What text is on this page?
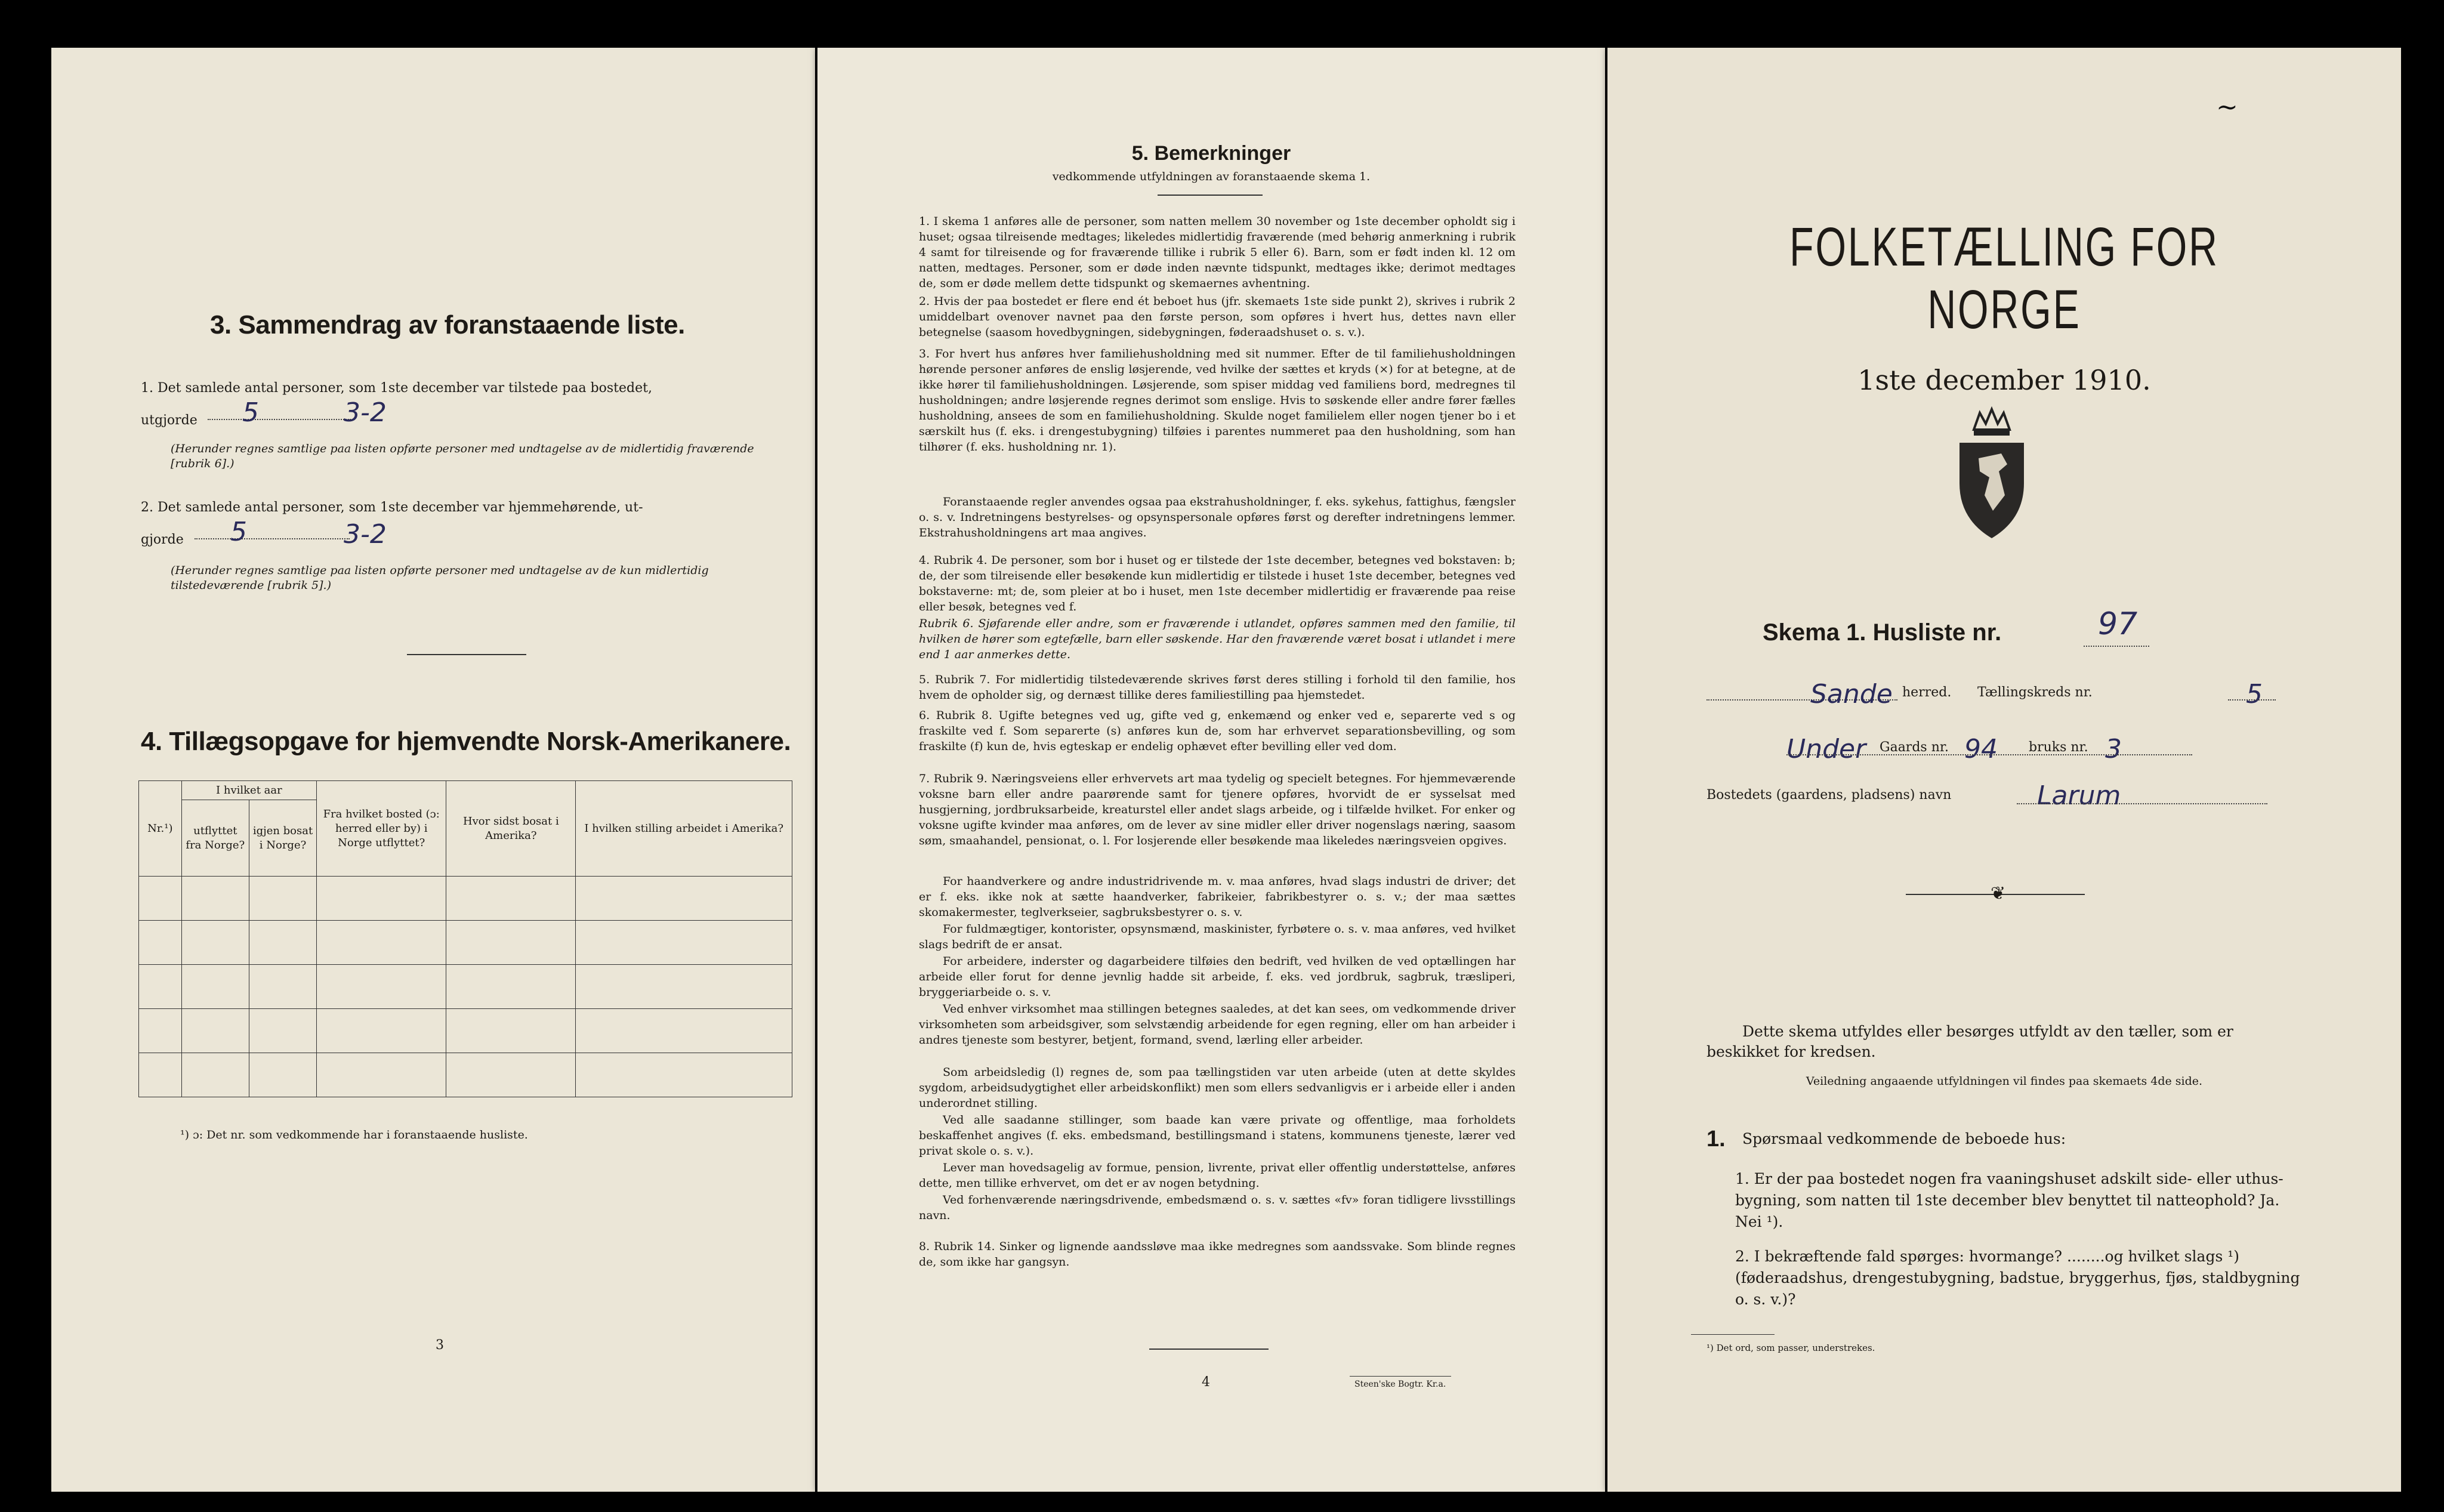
3. Sammendrag av foranstaaende liste.
1. Det samlede antal personer, som 1ste december var tilstede paa bostedet,
utgjorde 5	3-2
(Herunder regnes samtlige paa listen opførte personer med undtagelse av de midlertidig fraværende [rubrik 6].)
2. Det samlede antal personer, som 1ste december var hjemmehørende, ut-
gjorde 5	3-2
(Herunder regnes samtlige paa listen opførte personer med undtagelse av de kun midlertidig tilstedeværende [rubrik 5].)
4. Tillægsopgave for hjemvendte Norsk-Amerikanere.
Nr.¹)	I hvilket aar		Fra hvilket bosted (ɔ: herred eller by) i Norge utflyttet?	Hvor sidst bosat i Amerika?	I hvilken stilling arbeidet i Amerika?
	utflyttet fra Norge?	igjen bosat i Norge?			

¹) ɔ: Det nr. som vedkommende har i foranstaaende husliste.
3
5. Bemerkninger
vedkommende utfyldningen av foranstaaende skema 1.
1. I skema 1 anføres alle de personer, som natten mellem 30 november og 1ste december opholdt sig i huset; ogsaa tilreisende medtages; likeledes midlertidig fraværende (med behørig anmerkning i rubrik 4 samt for tilreisende og for fraværende tillike i rubrik 5 eller 6). Barn, som er født inden kl. 12 om natten, medtages. Personer, som er døde inden nævnte tidspunkt, medtages ikke; derimot medtages de, som er døde mellem dette tidspunkt og skemaernes avhentning.
2. Hvis der paa bostedet er flere end ét beboet hus (jfr. skemaets 1ste side punkt 2), skrives i rubrik 2 umiddelbart ovenover navnet paa den første person, som opføres i hvert hus, dettes navn eller betegnelse (saasom hovedbygningen, sidebygningen, føderaadshuset o. s. v.).
3. For hvert hus anføres hver familiehusholdning med sit nummer. Efter de til familiehusholdningen hørende personer anføres de enslig løsjerende, ved hvilke der sættes et kryds (×) for at betegne, at de ikke hører til familiehusholdningen. Løsjerende, som spiser middag ved familiens bord, medregnes til husholdningen; andre løsjerende regnes derimot som enslige. Hvis to søskende eller andre fører fælles husholdning, ansees de som en familiehusholdning. Skulde noget familielem eller nogen tjener bo i et særskilt hus (f. eks. i drengestubygning) tilføies i parentes nummeret paa den husholdning, som han tilhører (f. eks. husholdning nr. 1).
Foranstaaende regler anvendes ogsaa paa ekstrahusholdninger, f. eks. sykehus, fattighus, fængsler o. s. v. Indretningens bestyrelses- og opsynspersonale opføres først og derefter indretningens lemmer. Ekstrahusholdningens art maa angives.
4. Rubrik 4. De personer, som bor i huset og er tilstede der 1ste december, betegnes ved bokstaven: b; de, der som tilreisende eller besøkende kun midlertidig er tilstede i huset 1ste december, betegnes ved bokstaverne: mt; de, som pleier at bo i huset, men 1ste december midlertidig er fraværende paa reise eller besøk, betegnes ved f.
Rubrik 6. Sjøfarende eller andre, som er fraværende i utlandet, opføres sammen med den familie, til hvilken de hører som egtefælle, barn eller søskende. Har den fraværende været bosat i utlandet i mere end 1 aar anmerkes dette.
5. Rubrik 7. For midlertidig tilstedeværende skrives først deres stilling i forhold til den familie, hos hvem de opholder sig, og dernæst tillike deres familiestilling paa hjemstedet.
6. Rubrik 8. Ugifte betegnes ved ug, gifte ved g, enkemænd og enker ved e, separerte ved s og fraskilte ved f. Som separerte (s) anføres kun de, som har erhvervet separationsbevilling, og som fraskilte (f) kun de, hvis egteskap er endelig ophævet efter bevilling eller ved dom.
7. Rubrik 9. Næringsveiens eller erhvervets art maa tydelig og specielt betegnes. For hjemmeværende voksne barn eller andre paarørende samt for tjenere opføres, hvorvidt de er sysselsat med husgjerning, jordbruksarbeide, kreaturstel eller andet slags arbeide, og i tilfælde hvilket. For enker og voksne ugifte kvinder maa anføres, om de lever av sine midler eller driver nogenslags næring, saasom søm, smaahandel, pensionat, o. l. For losjerende eller besøkende maa likeledes næringsveien opgives.
For haandverkere og andre industridrivende m. v. maa anføres, hvad slags industri de driver; det er f. eks. ikke nok at sætte haandverker, fabrikeier, fabrikbestyrer o. s. v.; der maa sættes skomakermester, teglverkseier, sagbruksbestyrer o. s. v.
For fuldmægtiger, kontorister, opsynsmænd, maskinister, fyrbøtere o. s. v. maa anføres, ved hvilket slags bedrift de er ansat.
For arbeidere, inderster og dagarbeidere tilføies den bedrift, ved hvilken de ved optællingen har arbeide eller forut for denne jevnlig hadde sit arbeide, f. eks. ved jordbruk, sagbruk, træsliperi, bryggeriarbeide o. s. v.
Ved enhver virksomhet maa stillingen betegnes saaledes, at det kan sees, om vedkommende driver virksomheten som arbeidsgiver, som selvstændig arbeidende for egen regning, eller om han arbeider i andres tjeneste som bestyrer, betjent, formand, svend, lærling eller arbeider.
Som arbeidsledig (l) regnes de, som paa tællingstiden var uten arbeide (uten at dette skyldes sygdom, arbeidsudygtighet eller arbeidskonflikt) men som ellers sedvanligvis er i arbeide eller i anden underordnet stilling.
Ved alle saadanne stillinger, som baade kan være private og offentlige, maa forholdets beskaffenhet angives (f. eks. embedsmand, bestillingsmand i statens, kommunens tjeneste, lærer ved privat skole o. s. v.).
Lever man hovedsagelig av formue, pension, livrente, privat eller offentlig understøttelse, anføres dette, men tillike erhvervet, om det er av nogen betydning.
Ved forhenværende næringsdrivende, embedsmænd o. s. v. sættes «fv» foran tidligere livsstillings navn.
8. Rubrik 14. Sinker og lignende aandssløve maa ikke medregnes som aandssvake. Som blinde regnes de, som ikke har gangsyn.
4	Steen'ske Bogtr. Kr.a.
FOLKETÆLLING FOR NORGE
1ste december 1910.
∼
Skema 1. Husliste nr.	97
Sande herred. Tællingskreds nr.	5
Under Gaards nr. 94 bruks nr. 3
Bostedets (gaardens, pladsens) navn	Larum
❦
Dette skema utfyldes eller besørges utfyldt av den tæller, som er beskikket for kredsen.
Veiledning angaaende utfyldningen vil findes paa skemaets 4de side.
1. Spørsmaal vedkommende de beboede hus:
1. Er der paa bostedet nogen fra vaaningshuset adskilt side- eller uthus-bygning, som natten til 1ste december blev benyttet til natteophold? Ja. Nei ¹).
2. I bekræftende fald spørges: hvormange? ........og hvilket slags ¹) (føderaadshus, drengestubygning, badstue, bryggerhus, fjøs, staldbygning o. s. v.)?
¹) Det ord, som passer, understrekes.
